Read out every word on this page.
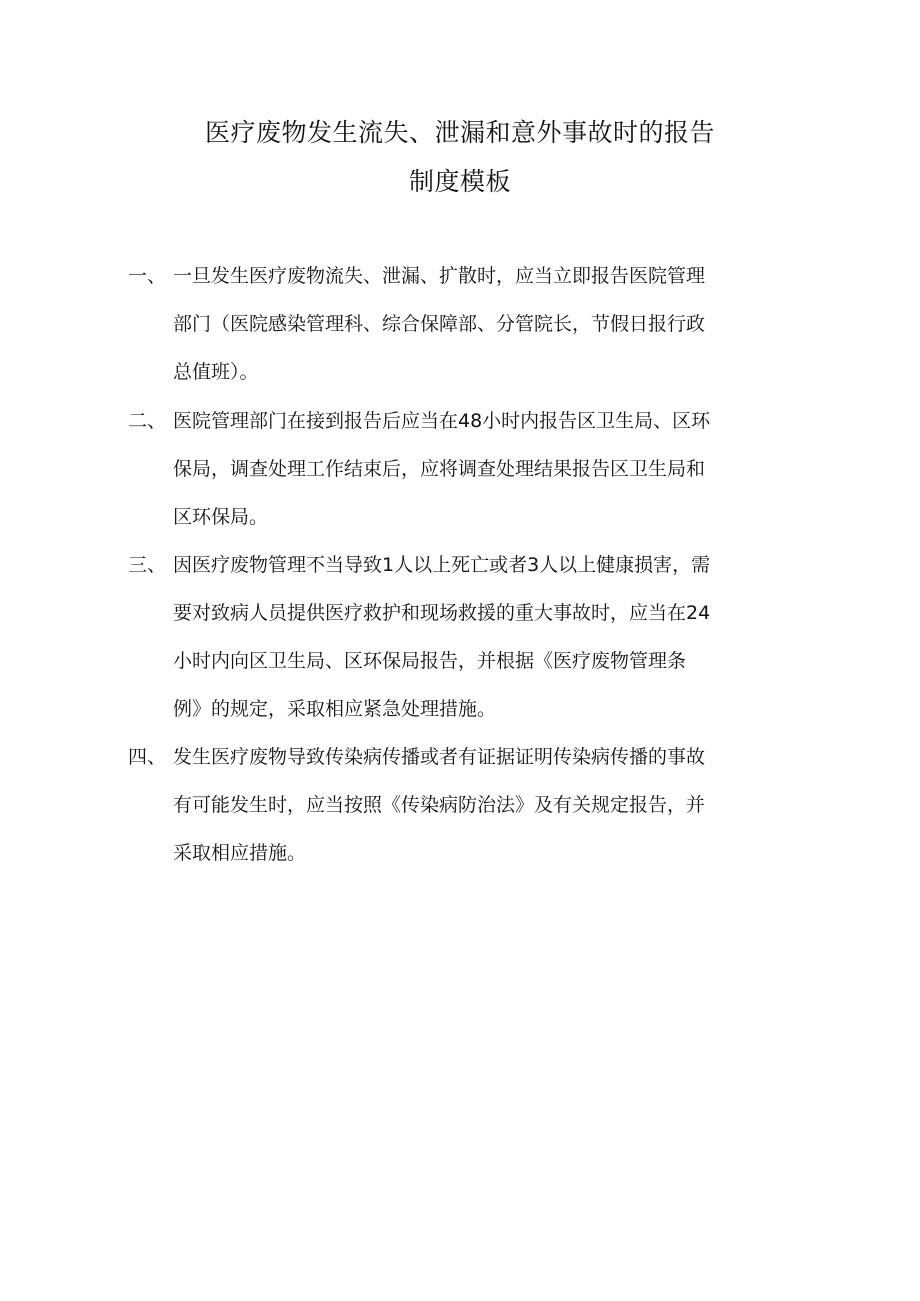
医疗废物发生流失、泄漏和意外事故时的报告
制度模板
一、 一旦发生医疗废物流失、泄漏、扩散时，应当立即报告医院管理
部门（医院感染管理科、综合保障部、分管院长，节假日报行政
总值班）。
二、 医院管理部门在接到报告后应当在48小时内报告区卫生局、区环
保局，调查处理工作结束后，应将调查处理结果报告区卫生局和
区环保局。
三、 因医疗废物管理不当导致1人以上死亡或者3人以上健康损害，需
要对致病人员提供医疗救护和现场救援的重大事故时，应当在24
小时内向区卫生局、区环保局报告，并根据《医疗废物管理条
例》的规定，采取相应紧急处理措施。
四、 发生医疗废物导致传染病传播或者有证据证明传染病传播的事故
有可能发生时，应当按照《传染病防治法》及有关规定报告，并
采取相应措施。
